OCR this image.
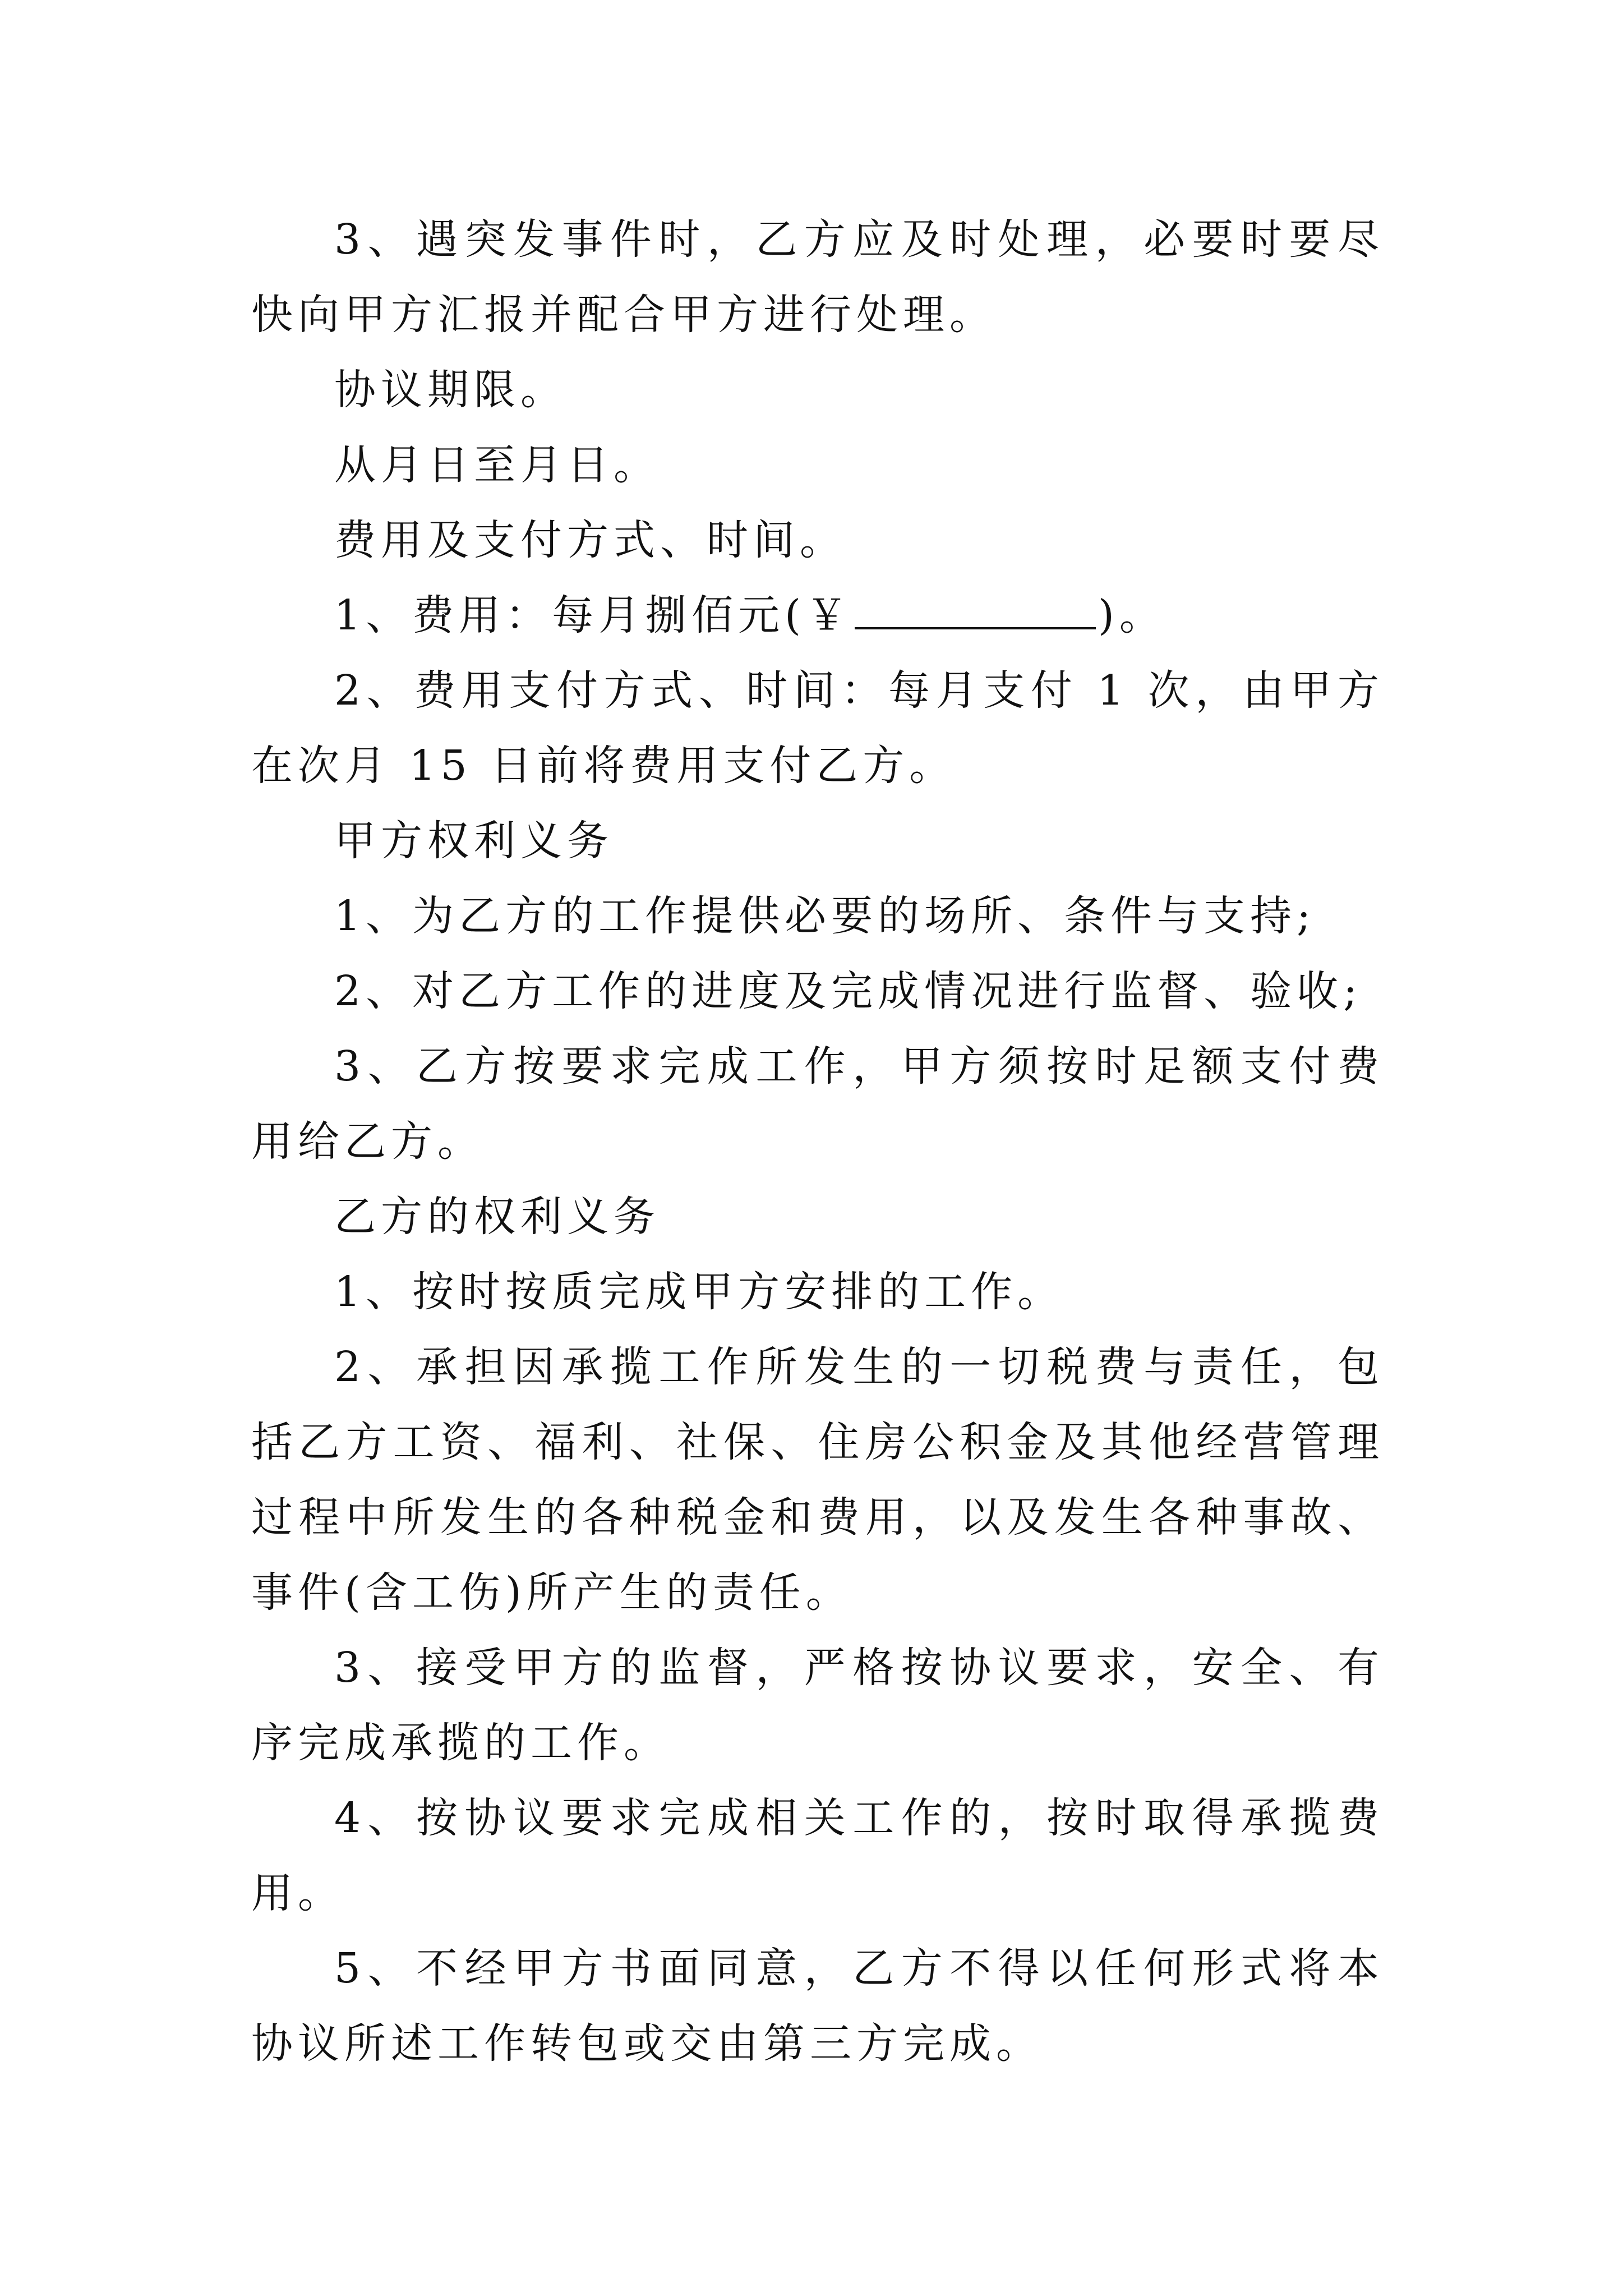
3、遇突发事件时，乙方应及时处理，必要时要尽快向甲方汇报并配合甲方进行处理。

协议期限。

从月日至月日。

费用及支付方式、时间。

1、费用：每月捌佰元(￥	)。

2、费用支付方式、时间：每月支付 1 次，由甲方在次月 15 日前将费用支付乙方。

甲方权利义务

1、为乙方的工作提供必要的场所、条件与支持;

2、对乙方工作的进度及完成情况进行监督、验收;

3、乙方按要求完成工作，甲方须按时足额支付费用给乙方。

乙方的权利义务

1、按时按质完成甲方安排的工作。

2、承担因承揽工作所发生的一切税费与责任，包括乙方工资、福利、社保、住房公积金及其他经营管理过程中所发生的各种税金和费用，以及发生各种事故、事件(含工伤)所产生的责任。

3、接受甲方的监督，严格按协议要求，安全、有序完成承揽的工作。

4、按协议要求完成相关工作的，按时取得承揽费用。

5、不经甲方书面同意，乙方不得以任何形式将本协议所述工作转包或交由第三方完成。
